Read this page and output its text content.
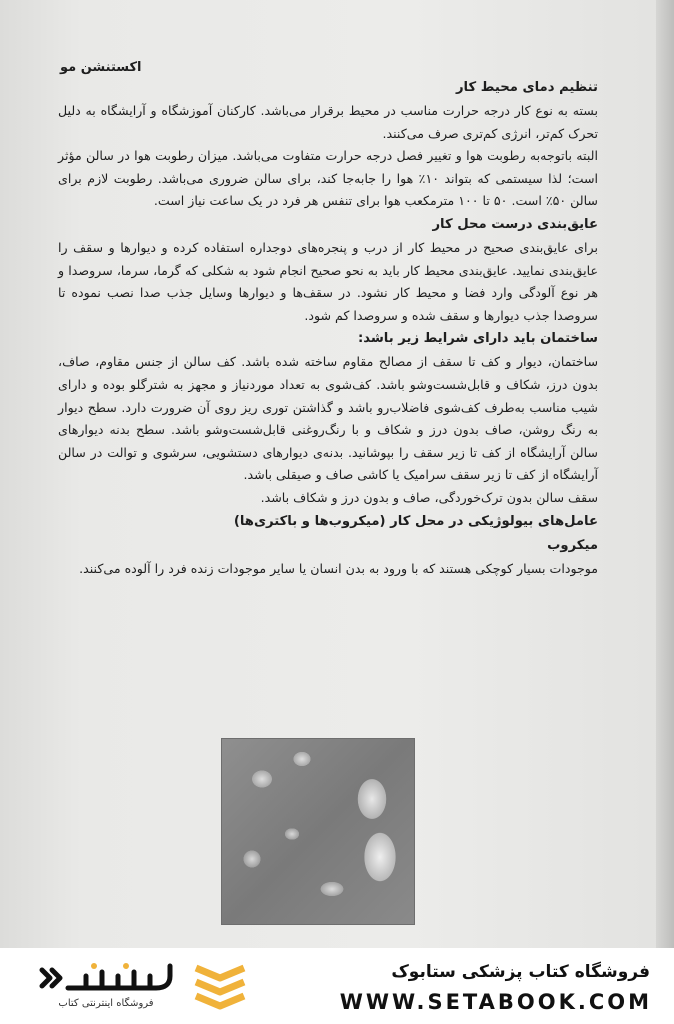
اکستنشن مو
تنظیم دمای محیط کار

بسته به نوع کار درجه حرارت مناسب در محیط برقرار می‌باشد. کارکنان آموزشگاه و آرایشگاه به دلیل تحرک کم‌تر، انرژی کم‌تری صرف می‌کنند.

البته باتوجه‌به رطوبت هوا و تغییر فصل درجه حرارت متفاوت می‌باشد. میزان رطوبت هوا در سالن مؤثر است؛ لذا سیستمی که بتواند ۱۰٪ هوا را جابه‌جا کند، برای سالن ضروری می‌باشد. رطوبت لازم برای سالن ۵۰٪ است. ۵۰ تا ۱۰۰ مترمکعب هوا برای تنفس هر فرد در یک ساعت نیاز است.

عایق‌بندی درست محل کار

برای عایق‌بندی صحیح در محیط کار از درب و پنجره‌های دوجداره استفاده کرده و دیوارها و سقف را عایق‌بندی نمایید. عایق‌بندی محیط کار باید به نحو صحیح انجام شود به شکلی که گرما، سرما، سروصدا و هر نوع آلودگی وارد فضا و محیط کار نشود. در سقف‌ها و دیوارها وسایل جذب صدا نصب نموده تا سروصدا جذب دیوارها و سقف شده و سروصدا کم شود.

ساختمان باید دارای شرایط زیر باشد:

ساختمان، دیوار و کف تا سقف از مصالح مقاوم ساخته شده باشد. کف سالن از جنس مقاوم، صاف، بدون درز، شکاف و قابل‌شست‌وشو باشد. کف‌شوی به تعداد موردنیاز و مجهز به شترگلو بوده و دارای شیب مناسب به‌طرف کف‌شوی فاضلاب‌رو باشد و گذاشتن توری ریز روی آن ضرورت دارد. سطح دیوار به رنگ روشن، صاف بدون درز و شکاف و با رنگ‌روغنی قابل‌شست‌وشو باشد. سطح بدنه دیوارهای سالن آرایشگاه از کف تا زیر سقف را بپوشانید. بدنه‌ی دیوارهای دستشویی، سرشوی و توالت در سالن آرایشگاه از کف تا زیر سقف سرامیک یا کاشی صاف و صیقلی باشد.

سقف سالن بدون ترک‌خوردگی، صاف و بدون درز و شکاف باشد.

عامل‌های بیولوژیکی در محل کار (میکروب‌ها و باکتری‌ها)
میکروب

موجودات بسیار کوچکی هستند که با ورود به بدن انسان یا سایر موجودات زنده فرد را آلوده می‌کنند.

فروشگاه اینترنتی کتاب
فروشگاه کتاب پزشکی ستابوک
WWW.SETABOOK.COM
